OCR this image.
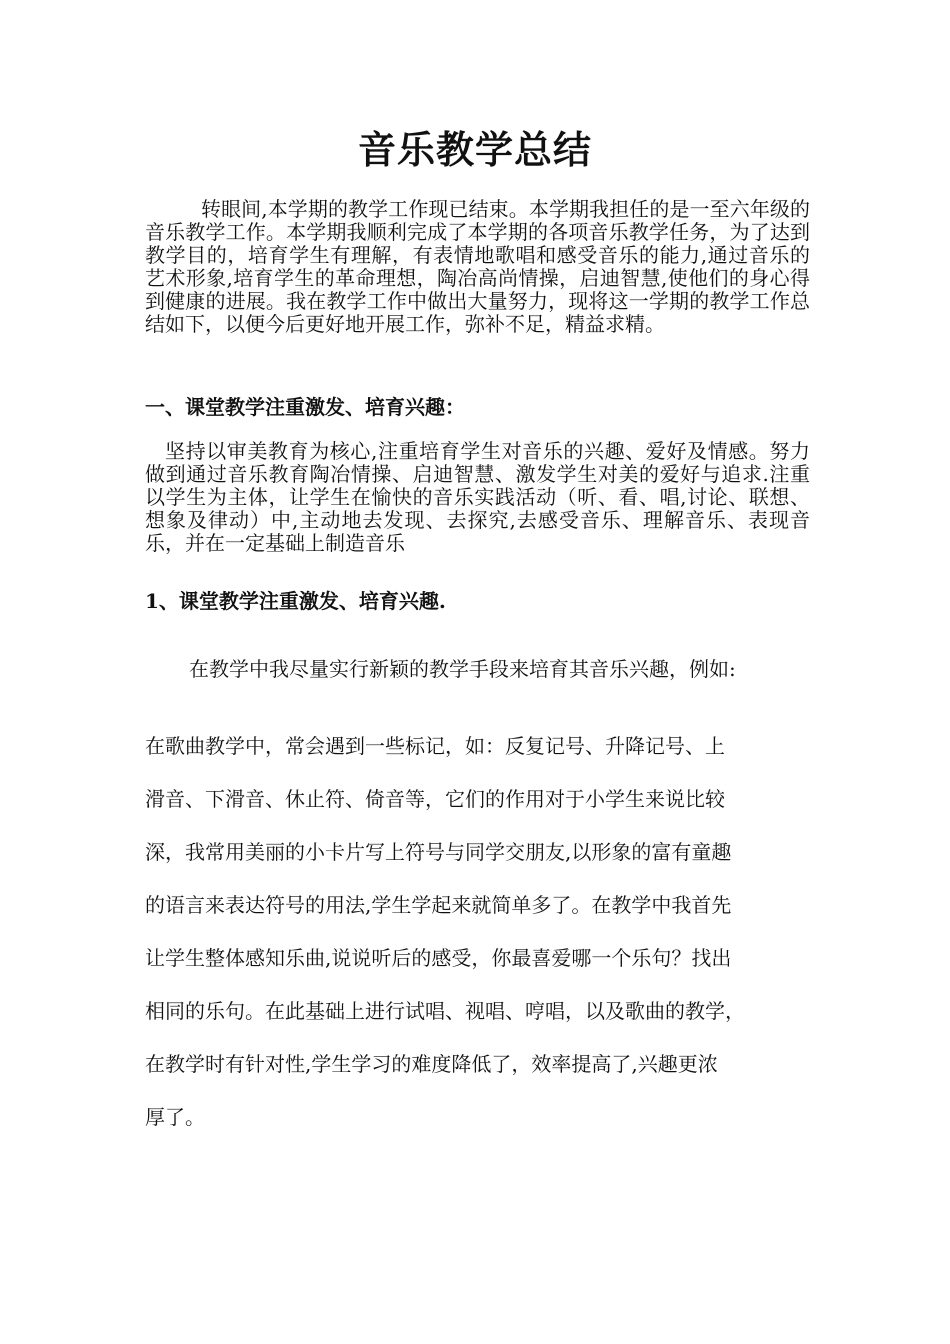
音乐教学总结

转眼间,本学期的教学工作现已结束。本学期我担任的是一至六年级的音乐教学工作。本学期我顺利完成了本学期的各项音乐教学任务，为了达到教学目的，培育学生有理解，有表情地歌唱和感受音乐的能力,通过音乐的艺术形象,培育学生的革命理想，陶冶高尚情操，启迪智慧,使他们的身心得到健康的进展。我在教学工作中做出大量努力，现将这一学期的教学工作总结如下，以便今后更好地开展工作，弥补不足，精益求精。

一、课堂教学注重激发、培育兴趣：

坚持以审美教育为核心,注重培育学生对音乐的兴趣、爱好及情感。努力做到通过音乐教育陶冶情操、启迪智慧、激发学生对美的爱好与追求.注重以学生为主体，让学生在愉快的音乐实践活动（听、看、唱,讨论、联想、想象及律动）中,主动地去发现、去探究,去感受音乐、理解音乐、表现音乐，并在一定基础上制造音乐

1、课堂教学注重激发、培育兴趣.

在教学中我尽量实行新颖的教学手段来培育其音乐兴趣，例如:

在歌曲教学中，常会遇到一些标记，如：反复记号、升降记号、上
滑音、下滑音、休止符、倚音等，它们的作用对于小学生来说比较
深，我常用美丽的小卡片写上符号与同学交朋友,以形象的富有童趣
的语言来表达符号的用法,学生学起来就简单多了。在教学中我首先
让学生整体感知乐曲,说说听后的感受，你最喜爱哪一个乐句？找出
相同的乐句。在此基础上进行试唱、视唱、哼唱，以及歌曲的教学，
在教学时有针对性,学生学习的难度降低了，效率提高了,兴趣更浓
厚了。
